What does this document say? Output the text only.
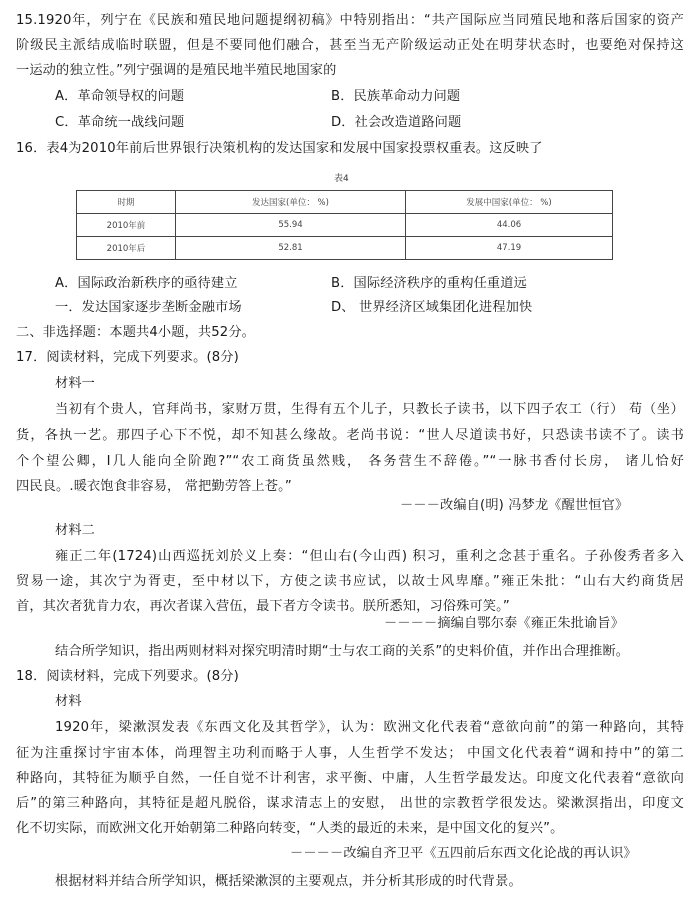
15.1920年，列宁在《民族和殖民地问题提纲初稿》中特别指出：“共产国际应当同殖民地和落后国家的资产
阶级民主派结成临时联盟，但是不要同他们融合，甚至当无产阶级运动正处在明芽状态时，也要绝对保持这
一运动的独立性。”列宁强调的是殖民地半殖民地国家的
A．革命领导权的问题	B．民族革命动力问题
C．革命统一战线问题	D．社会改造道路问题
16．表4为2010年前后世界银行决策机构的发达国家和发展中国家投票权重表。这反映了
表4
时期	发达国家(单位： %)	发展中国家(单位： %)
2010年前	55.94	44.06
2010年后	52.81	47.19
A．国际政治新秩序的亟待建立	B．国际经济秩序的重构任重道远
一．发达国家逐步垄断金融市场	D、 世界经济区域集团化进程加快
二、非选择题：本题共4小题，共52分。
17．阅读材料，完成下列要求。(8分)
材料一
当初有个贵人，官拜尚书，家财万贯，生得有五个儿子，只教长子读书，以下四子农工（行） 苟（坐）
货，各执一艺。那四子心下不悦，却不知甚么缘故。老尚书说：“世人尽道读书好，只恐读书读不了。读书
个个望公卿，I几人能向全阶跑?”“农工商货虽然贱， 各务营生不辞倦。”“一脉书香付长房， 诸儿恰好
四民良。.暖衣饱食非容易， 常把勤劳答上苍。”
－－－改编自(明) 冯梦龙《醒世恒官》
材料二
雍正二年(1724)山西巡抚刘於义上奏：“但山右(今山西) 积习，重利之念甚于重名。子孙俊秀者多入
贸易一途，其次宁为胥吏，至中材以下，方使之读书应试，以故士风卑靡。”雍正朱批：“山右大约商货居
首，其次者犹肯力农，再次者谋入营伍，最下者方令读书。朕所悉知，习俗殊可笑。”
－－－－摘编自鄂尔泰《雍正朱批谕旨》
结合所学知识，指出两则材料对探究明清时期“士与农工商的关系”的史料价值，并作出合理推断。
18．阅读材料，完成下列要求。(8分)
材料
1920年，梁漱溟发表《东西文化及其哲学》，认为：欧洲文化代表着“意欲向前”的第一种路向，其特
征为注重探讨宇宙本体，尚理智主功利而略于人事，人生哲学不发达； 中国文化代表着“调和持中”的第二
种路向，其特征为顺乎自然，一任自觉不计利害，求平衡、中庸，人生哲学最发达。印度文化代表着“意欲向
后”的第三种路向，其特征是超凡脱俗，谋求清志上的安慰， 出世的宗教哲学很发达。梁漱溟指出，印度文
化不切实际，而欧洲文化开始朝第二种路向转变，“人类的最近的未来，是中国文化的复兴”。
－－－－改编自齐卫平《五四前后东西文化论战的再认识》
根据材料并结合所学知识，概括梁漱溟的主要观点，并分析其形成的时代背景。
